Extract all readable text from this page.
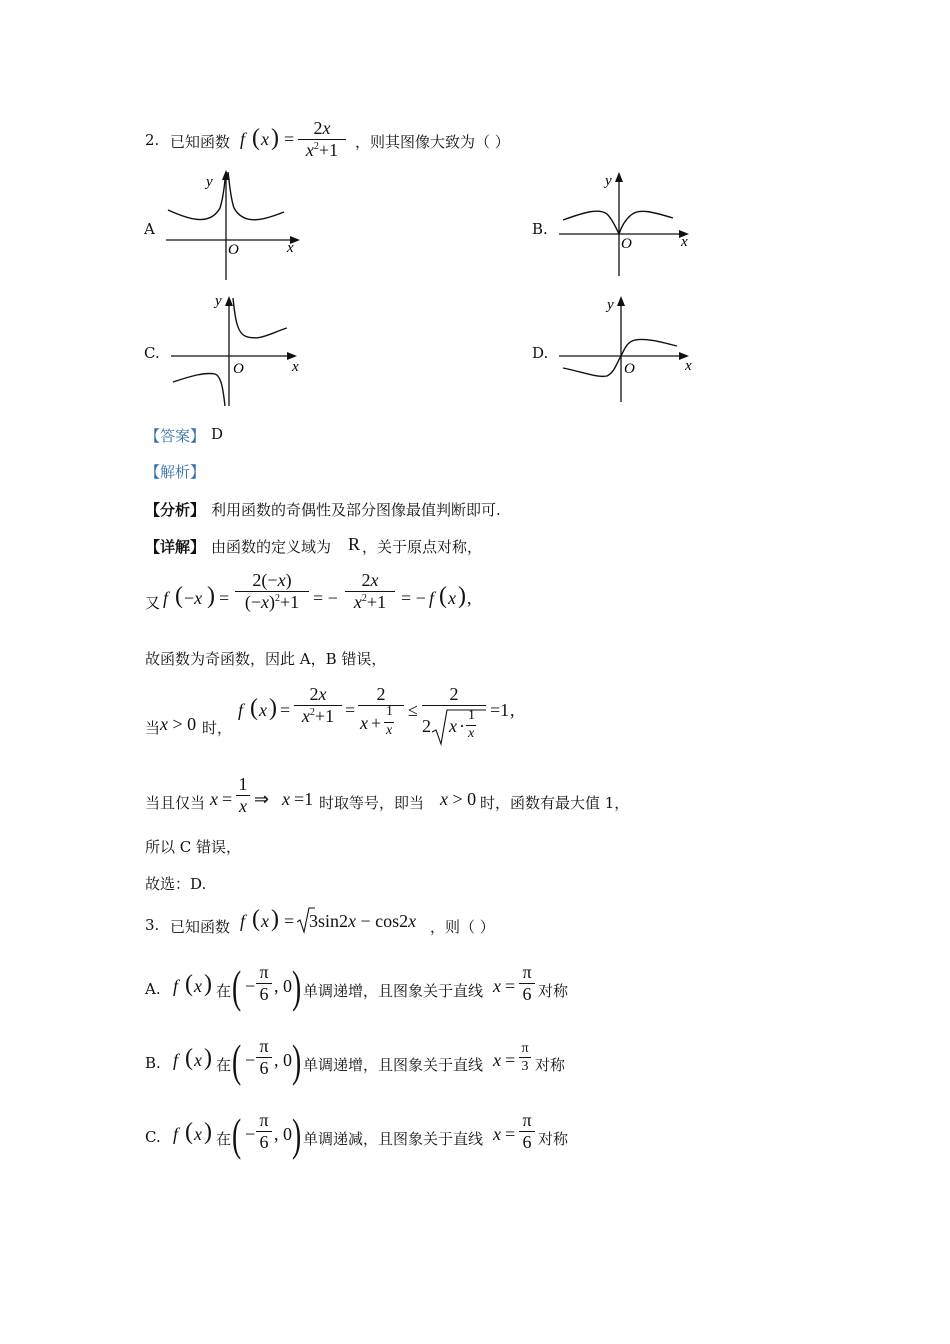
2. 已知函数 f ( x ) =
2x
$x^2+1$	，则其图像大致为（ ）
A
y
O	x
B.
y
O	x
C.
y
O	x
D.
y
O	x
【答案】 D
【解析】
【分析】 利用函数的奇偶性及部分图像最值判断即可.
【详解】 由函数的定义域为 R ，关于原点对称，
又 f ( −x ) =
2(−x)
$(-x)^2+1$ = −
2x
$x^2+1$ = − f ( x ) ,
故函数为奇函数，因此 A，B 错误，
当 x > 0 时，
f ( x ) =
2x
$x^2+1$ =
2
x +
1
x
≤
2
2 x ·
1
x
=1 ,
当且仅当 x =
1
x ⇒ x =1 时取等号，即当 x > 0 时，函数有最大值 1，
所以 C 错误，
故选：D.
3. 已知函数 f ( x ) = 3sin2x − cos2x ，则（ ）
A. f ( x ) 在 ( −
π
6 , 0 ) 单调递增，且图象关于直线 x =
π
6 对称
B. f ( x ) 在 ( −
π
6 , 0 ) 单调递增，且图象关于直线 x =
π
3 对称
C. f ( x ) 在 ( −
π
6 , 0 ) 单调递减，且图象关于直线 x =
π
6 对称
